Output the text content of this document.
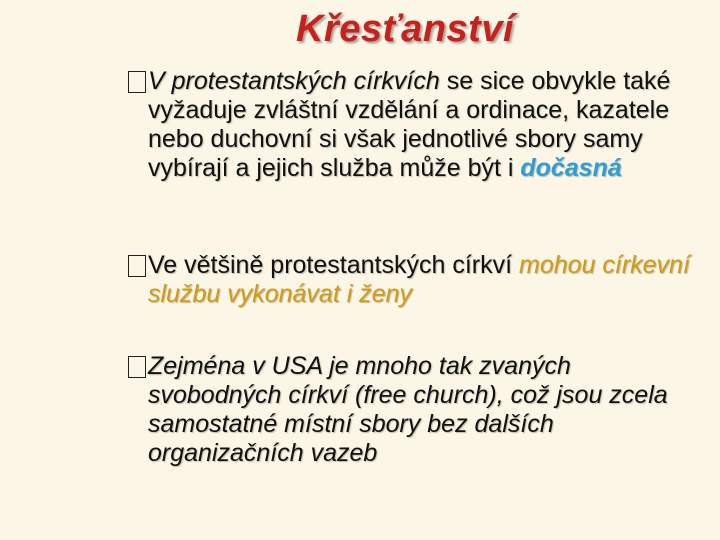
Křesťanství

V protestantských církvích se sice obvykle také vyžaduje zvláštní vzdělání a ordinace, kazatele nebo duchovní si však jednotlivé sbory samy vybírají a jejich služba může být i dočasná

Ve většině protestantských církví mohou církevní službu vykonávat i ženy

Zejména v USA je mnoho tak zvaných svobodných církví (free church), což jsou zcela samostatné místní sbory bez dalších organizačních vazeb
